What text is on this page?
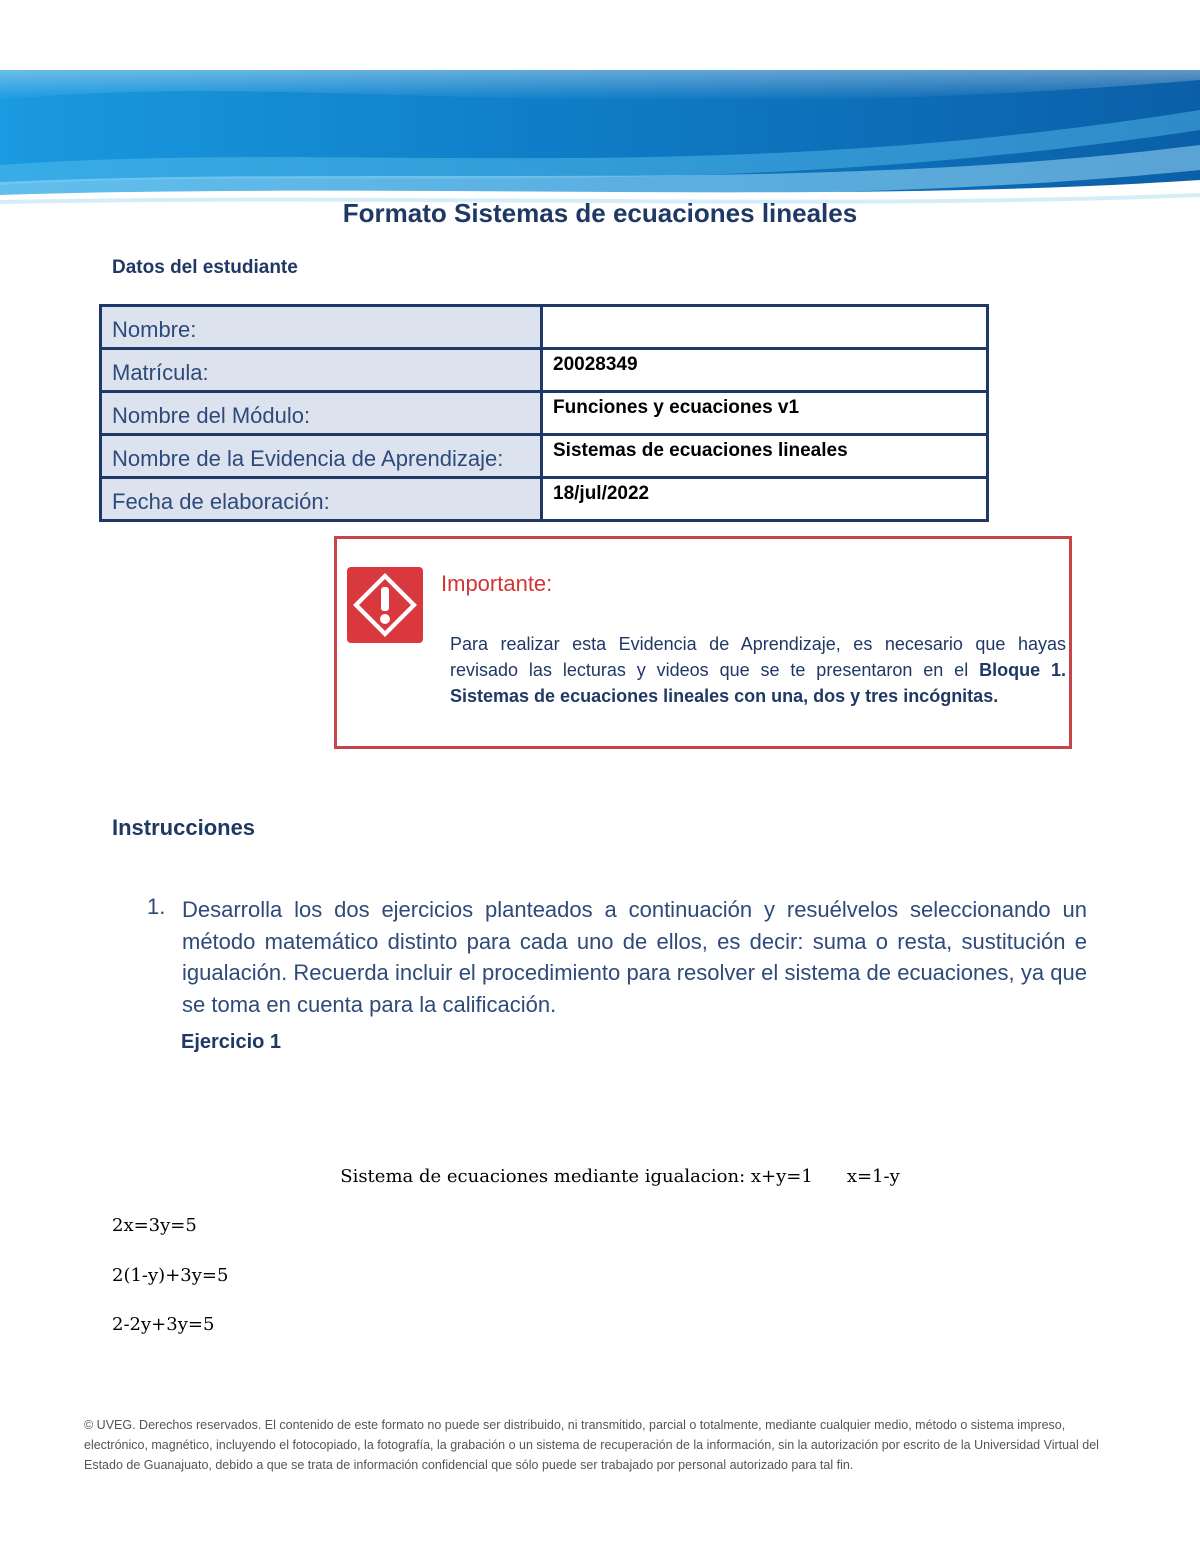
Formato Sistemas de ecuaciones lineales
Datos del estudiante
Nombre:	
Matrícula:	20028349
Nombre del Módulo:	Funciones y ecuaciones v1
Nombre de la Evidencia de Aprendizaje:	Sistemas de ecuaciones lineales
Fecha de elaboración:	18/jul/2022
Importante:
Para realizar esta Evidencia de Aprendizaje, es necesario que hayas revisado las lecturas y videos que se te presentaron en el Bloque 1. Sistemas de ecuaciones lineales con una, dos y tres incógnitas.
Instrucciones
1. Desarrolla los dos ejercicios planteados a continuación y resuélvelos seleccionando un método matemático distinto para cada uno de ellos, es decir: suma o resta, sustitución e igualación. Recuerda incluir el procedimiento para resolver el sistema de ecuaciones, ya que se toma en cuenta para la calificación.
Ejercicio 1
Sistema de ecuaciones mediante igualacion: x+y=1 x=1-y
2x=3y=5
2(1-y)+3y=5
2-2y+3y=5
© UVEG. Derechos reservados. El contenido de este formato no puede ser distribuido, ni transmitido, parcial o totalmente, mediante cualquier medio, método o sistema impreso, electrónico, magnético, incluyendo el fotocopiado, la fotografía, la grabación o un sistema de recuperación de la información, sin la autorización por escrito de la Universidad Virtual del Estado de Guanajuato, debido a que se trata de información confidencial que sólo puede ser trabajado por personal autorizado para tal fin.
